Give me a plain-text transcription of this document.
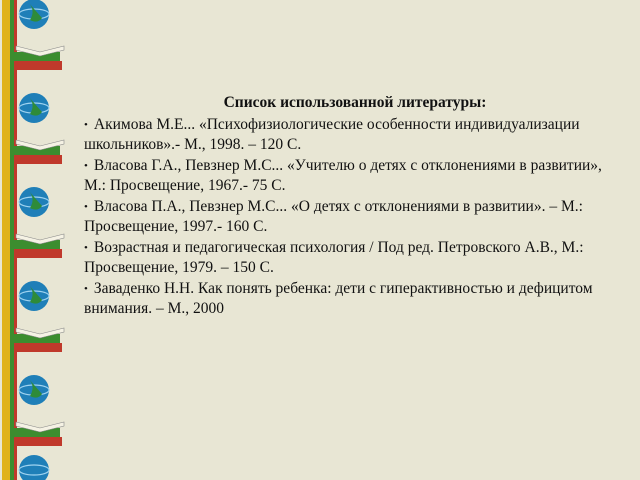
Список использованной литературы:
• Акимова М.Е... «Психофизиологические особенности индивидуализации школьников».- М., 1998. – 120 С.
• Власова Г.А., Певзнер М.С... «Учителю о детях с отклонениями в развитии», М.: Просвещение, 1967.- 75 С.
• Власова П.А., Певзнер М.С... «О детях с отклонениями в развитии». – М.: Просвещение, 1997.- 160 С.
• Возрастная и педагогическая психология / Под ред. Петровского А.В., М.: Просвещение, 1979. – 150 С.
• Заваденко Н.Н. Как понять ребенка: дети с гиперактивностью и дефицитом внимания. – М., 2000
